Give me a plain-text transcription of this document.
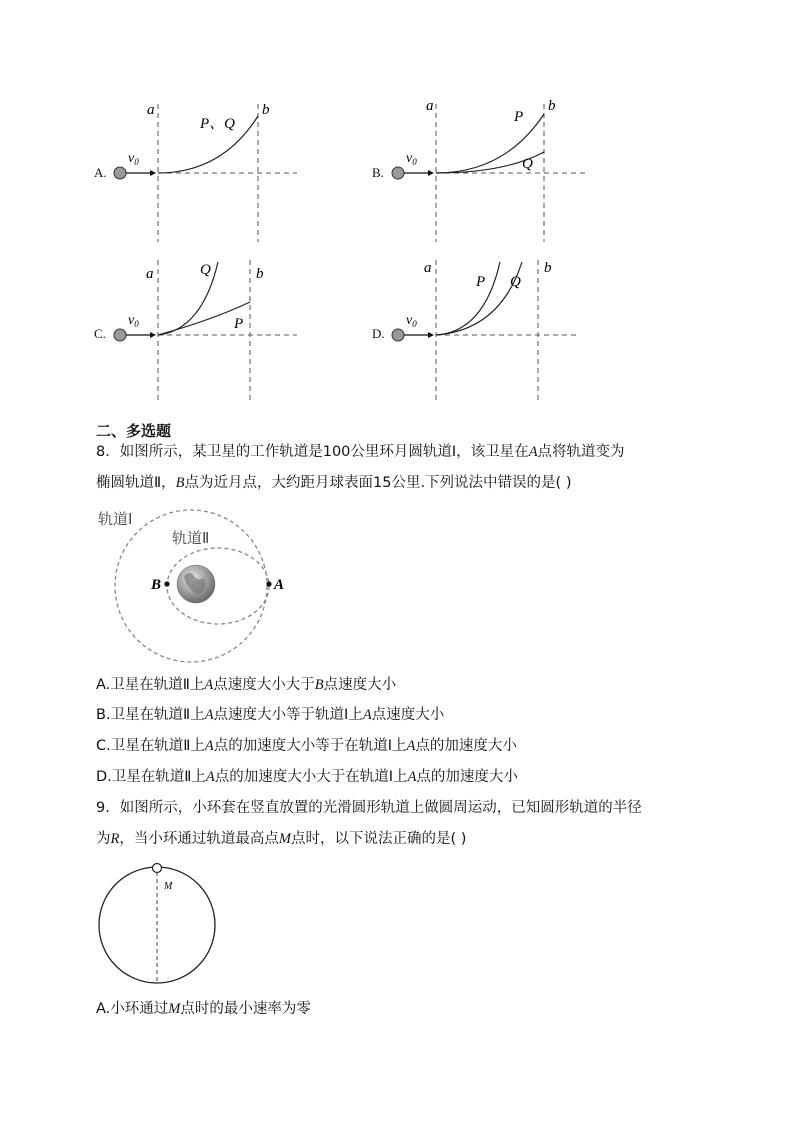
$v_0$
a	b
P、Q
A.
$v_0$
a	b
P
Q
B.
$v_0$
a	b
Q
P
C.
$v_0$
a	b
P Q
D.
二、多选题
8．如图所示，某卫星的工作轨道是100公里环月圆轨道Ⅰ，该卫星在A点将轨道变为
椭圆轨道Ⅱ，B点为近月点，大约距月球表面15公里.下列说法中错误的是( )
轨道Ⅰ
轨道Ⅱ
B	A
A.卫星在轨道Ⅱ上A点速度大小大于B点速度大小
B.卫星在轨道Ⅱ上A点速度大小等于轨道Ⅰ上A点速度大小
C.卫星在轨道Ⅱ上A点的加速度大小等于在轨道Ⅰ上A点的加速度大小
D.卫星在轨道Ⅱ上A点的加速度大小大于在轨道Ⅰ上A点的加速度大小
9．如图所示，小环套在竖直放置的光滑圆形轨道上做圆周运动，已知圆形轨道的半径
为R，当小环通过轨道最高点M点时，以下说法正确的是( )
M
A.小环通过M点时的最小速率为零
